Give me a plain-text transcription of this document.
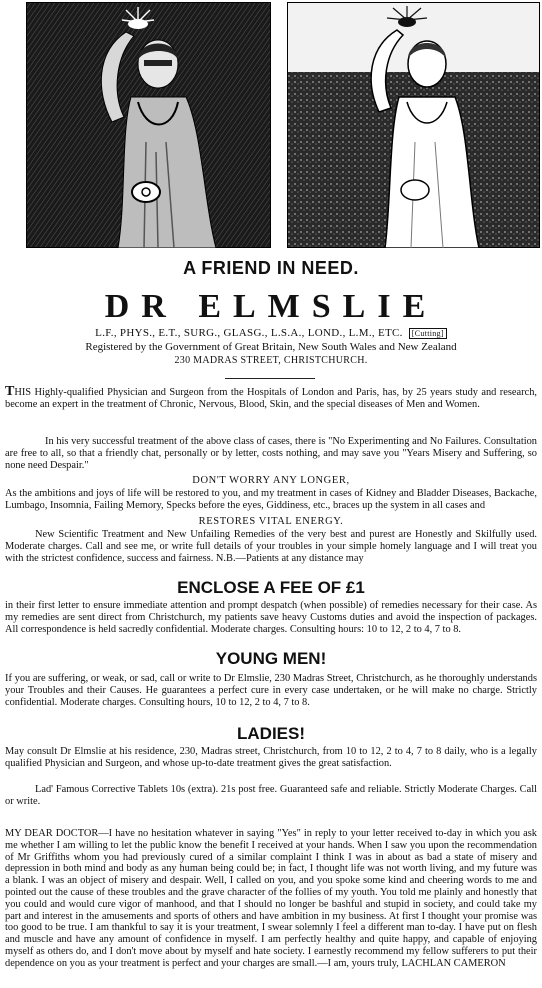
A FRIEND IN NEED.
DR ELMSLIE
L.F., PHYS., E.T., SURG., GLASG., L.S.A., LOND., L.M., ETC. [Cutting]
Registered by the Government of Great Britain, New South Wales and New Zealand
230 MADRAS STREET, CHRISTCHURCH.
THIS Highly-qualified Physician and Surgeon from the Hospitals of London and Paris, has, by 25 years study and research, become an expert in the treatment of Chronic, Nervous, Blood, Skin, and the special diseases of Men and Women.
In his very successful treatment of the above class of cases, there is "No Experimenting and No Failures. Consultation are free to all, so that a friendly chat, personally or by letter, costs nothing, and may save you "Years Misery and Suffering, so none need Despair."
DON'T WORRY ANY LONGER,
As the ambitions and joys of life will be restored to you, and my treatment in cases of Kidney and Bladder Diseases, Backache, Lumbago, Insomnia, Failing Memory, Specks before the eyes, Giddiness, etc., braces up the system in all cases and
RESTORES VITAL ENERGY.
New Scientific Treatment and New Unfailing Remedies of the very best and purest are Honestly and Skilfully used. Moderate charges. Call and see me, or write full details of your troubles in your simple homely language and I will treat you with the strictest confidence, success and fairness. N.B.—Patients at any distance may
ENCLOSE A FEE OF £1
in their first letter to ensure immediate attention and prompt despatch (when possible) of remedies necessary for their case. As my remedies are sent direct from Christchurch, my patients save heavy Customs duties and avoid the inspection of packages. All correspondence is held sacredly confidential. Moderate charges. Consulting hours: 10 to 12, 2 to 4, 7 to 8.
YOUNG MEN!
If you are suffering, or weak, or sad, call or write to Dr Elmslie, 230 Madras Street, Christchurch, as he thoroughly understands your Troubles and their Causes. He guarantees a perfect cure in every case undertaken, or he will make no charge. Strictly confidential. Moderate charges. Consulting hours, 10 to 12, 2 to 4, 7 to 8.
LADIES!
May consult Dr Elmslie at his residence, 230, Madras street, Christchurch, from 10 to 12, 2 to 4, 7 to 8 daily, who is a legally qualified Physician and Surgeon, and whose up-to-date treatment gives the great satisfaction.
Lad' Famous Corrective Tablets 10s (extra). 21s post free. Guaranteed safe and reliable. Strictly Moderate Charges. Call or write.
MY DEAR DOCTOR—I have no hesitation whatever in saying "Yes" in reply to your letter received to-day in which you ask me whether I am willing to let the public know the benefit I received at your hands. When I saw you upon the recommendation of Mr Griffiths whom you had previously cured of a similar complaint I think I was in about as bad a state of misery and depression in both mind and body as any human being could be; in fact, I thought life was not worth living, and my future was a blank. I was an object of misery and despair. Well, I called on you, and you spoke some kind and cheering words to me and pointed out the cause of these troubles and the grave character of the follies of my youth. You told me plainly and honestly that you could and would cure vigor of manhood, and that I should no longer be bashful and stupid in society, and could take my part and interest in the amusements and sports of others and have ambition in my business. At first I thought your promise was too good to be true. I am thankful to say it is your treatment, I swear solemnly I feel a different man to-day. I have put on flesh and muscle and have any amount of confidence in myself. I am perfectly healthy and quite happy, and capable of enjoying myself as others do, and I don't move about by myself and hate society. I earnestly recommend my fellow sufferers to put their dependence on you as your treatment is perfect and your charges are small.—I am, yours truly, LACHLAN CAMERON
